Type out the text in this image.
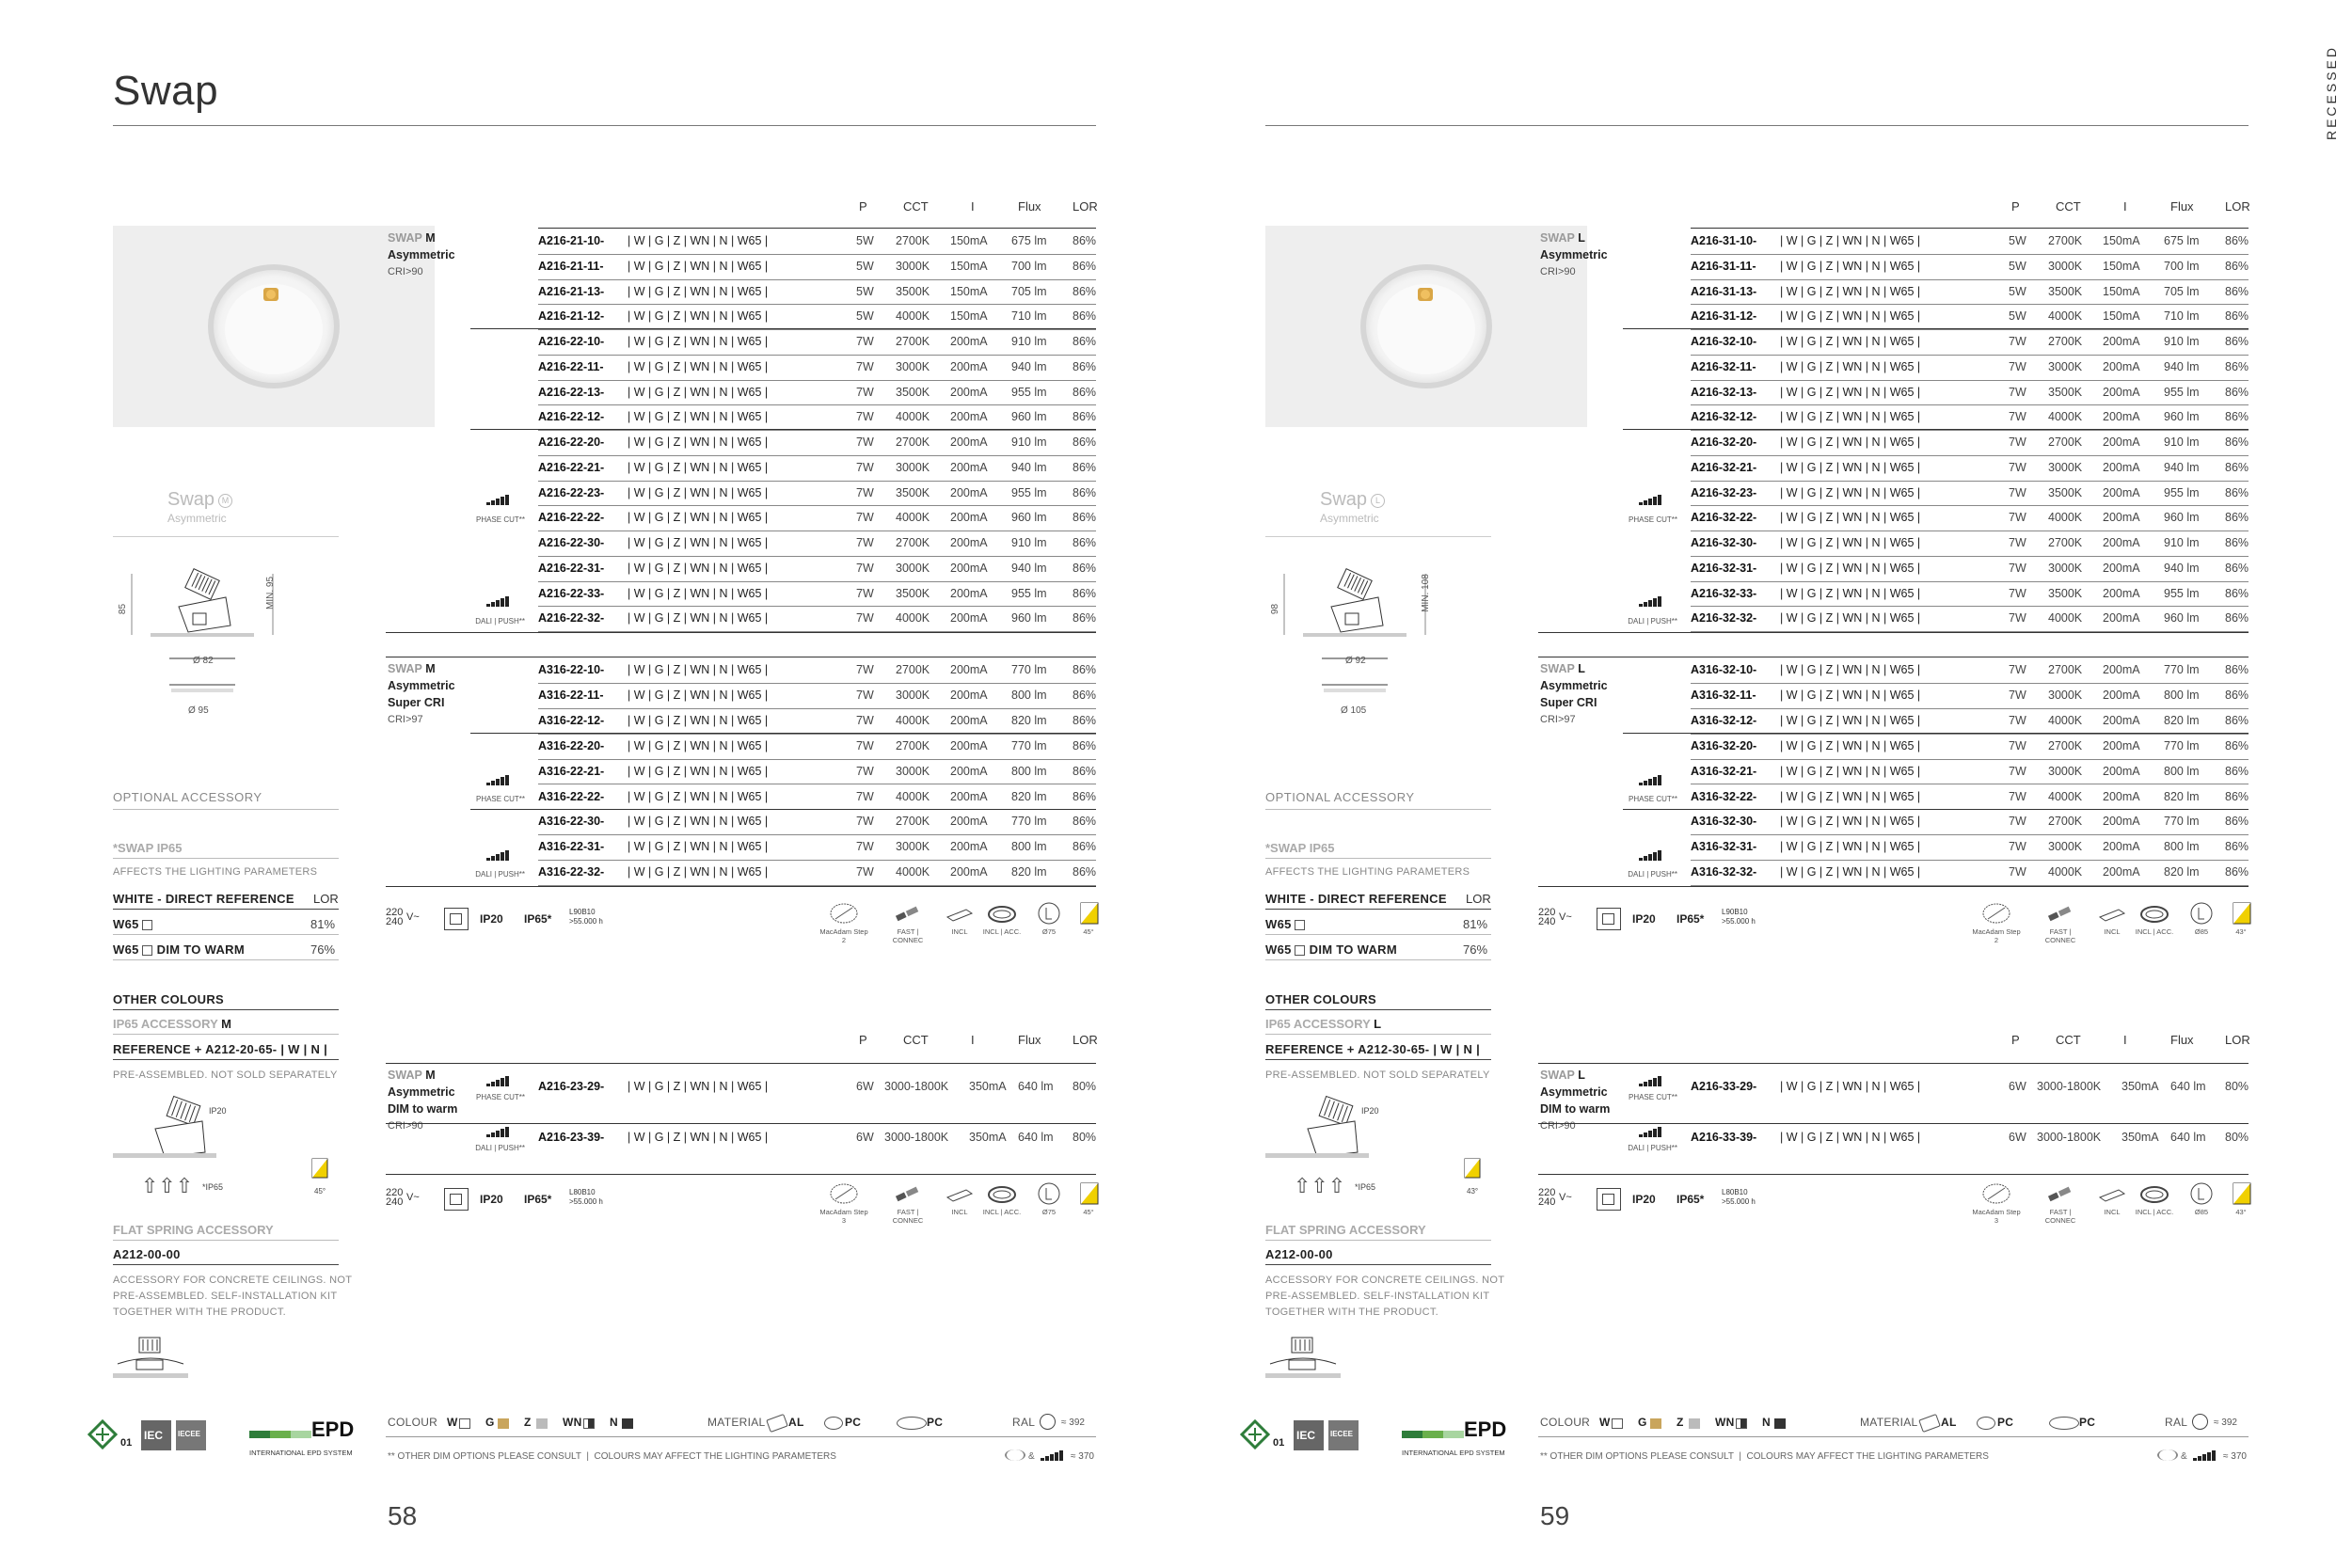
Swap M
Asymmetric
85	MIN. 95
Ø 82
Ø 95
OPTIONAL ACCESSORY
*SWAP IP65
AFFECTS THE LIGHTING PARAMETERS
WHITE - DIRECT REFERENCE LOR
W65	81%
W65 DIM TO WARM	76%
OTHER COLOURS
IP65 ACCESSORY M
REFERENCE + A212-20-65- | W | N |
PRE-ASSEMBLED. NOT SOLD SEPARATELY
⇧⇧⇧
IP20
*IP65	45°
FLAT SPRING ACCESSORY
A212-00-00
ACCESSORY FOR CONCRETE CEILINGS. NOT
PRE-ASSEMBLED. SELF-INSTALLATION KIT
TOGETHER WITH THE PRODUCT.
P	CCT	I	Flux	LOR
SWAP M
Asymmetric
CRI>90
A216-21-10- | W | G | Z | WN | N | W65 |	5W 2700K 150mA 675 lm 86%
A216-21-11- | W | G | Z | WN | N | W65 |	5W 3000K 150mA 700 lm 86%
A216-21-13- | W | G | Z | WN | N | W65 |	5W 3500K 150mA 705 lm 86%
A216-21-12- | W | G | Z | WN | N | W65 |	5W 4000K 150mA 710 lm 86%
A216-22-10- | W | G | Z | WN | N | W65 |	7W 2700K 200mA 910 lm 86%
A216-22-11- | W | G | Z | WN | N | W65 |	7W 3000K 200mA 940 lm 86%
A216-22-13- | W | G | Z | WN | N | W65 |	7W 3500K 200mA 955 lm 86%
A216-22-12- | W | G | Z | WN | N | W65 |	7W 4000K 200mA 960 lm 86%
A216-22-20- | W | G | Z | WN | N | W65 |	7W 2700K 200mA 910 lm 86%
A216-22-21- | W | G | Z | WN | N | W65 |	7W 3000K 200mA 940 lm 86%
A216-22-23- | W | G | Z | WN | N | W65 |	7W 3500K 200mA 955 lm 86%
A216-22-22- | W | G | Z | WN | N | W65 |	7W 4000K 200mA 960 lm 86%
A216-22-30- | W | G | Z | WN | N | W65 |	7W 2700K 200mA 910 lm 86%
A216-22-31- | W | G | Z | WN | N | W65 |	7W 3000K 200mA 940 lm 86%
A216-22-33- | W | G | Z | WN | N | W65 |	7W 3500K 200mA 955 lm 86%
A216-22-32- | W | G | Z | WN | N | W65 |	7W 4000K 200mA 960 lm 86%
PHASE CUT**
DALI | PUSH**
SWAP M
Asymmetric
Super CRI
CRI>97
A316-22-10- | W | G | Z | WN | N | W65 |	7W 2700K 200mA 770 lm 86%
A316-22-11- | W | G | Z | WN | N | W65 |	7W 3000K 200mA 800 lm 86%
A316-22-12- | W | G | Z | WN | N | W65 |	7W 4000K 200mA 820 lm 86%
A316-22-20- | W | G | Z | WN | N | W65 |	7W 2700K 200mA 770 lm 86%
A316-22-21- | W | G | Z | WN | N | W65 |	7W 3000K 200mA 800 lm 86%
A316-22-22- | W | G | Z | WN | N | W65 |	7W 4000K 200mA 820 lm 86%
A316-22-30- | W | G | Z | WN | N | W65 |	7W 2700K 200mA 770 lm 86%
A316-22-31- | W | G | Z | WN | N | W65 |	7W 3000K 200mA 800 lm 86%
A316-22-32- | W | G | Z | WN | N | W65 |	7W 4000K 200mA 820 lm 86%
PHASE CUT**
DALI | PUSH**
220 240 V~	IP20 IP65*
L90B10
>55.000 h
MacAdam Step 2
FAST | CONNEC
INCL	INCL | ACC.	Ø75	45°
P	CCT	I	Flux	LOR
SWAP M
Asymmetric
DIM to warm
CRI>90
A216-23-29- | W | G | Z | WN | N | W65 |	6W 3000-1800K 350mA 640 lm 80%
PHASE CUT**
A216-23-39- | W | G | Z | WN | N | W65 |	6W 3000-1800K 350mA 640 lm 80%
DALI | PUSH**
220 240 V~	IP20 IP65*
L80B10
>55.000 h
MacAdam Step 3
FAST | CONNEC
INCL	INCL | ACC.	Ø75	45°
01
IEC IECEE	EPD
INTERNATIONAL EPD SYSTEM
COLOUR W G	Z	WN N	MATERIAL AL	PC	PC	RAL	≈ 392
** OTHER DIM OPTIONS PLEASE CONSULT  |  COLOURS MAY AFFECT THE LIGHTING PARAMETERS	&	≈ 370
Swap L
Asymmetric
98	MIN. 108
Ø 92
Ø 105
OPTIONAL ACCESSORY
*SWAP IP65
AFFECTS THE LIGHTING PARAMETERS
WHITE - DIRECT REFERENCE LOR
W65	81%
W65 DIM TO WARM	76%
OTHER COLOURS
IP65 ACCESSORY L
REFERENCE + A212-30-65- | W | N |
PRE-ASSEMBLED. NOT SOLD SEPARATELY
⇧⇧⇧
IP20
*IP65	43°
FLAT SPRING ACCESSORY
A212-00-00
ACCESSORY FOR CONCRETE CEILINGS. NOT
PRE-ASSEMBLED. SELF-INSTALLATION KIT
TOGETHER WITH THE PRODUCT.
P	CCT	I	Flux	LOR
SWAP L
Asymmetric
CRI>90
A216-31-10- | W | G | Z | WN | N | W65 |	5W 2700K 150mA 675 lm 86%
A216-31-11- | W | G | Z | WN | N | W65 |	5W 3000K 150mA 700 lm 86%
A216-31-13- | W | G | Z | WN | N | W65 |	5W 3500K 150mA 705 lm 86%
A216-31-12- | W | G | Z | WN | N | W65 |	5W 4000K 150mA 710 lm 86%
A216-32-10- | W | G | Z | WN | N | W65 |	7W 2700K 200mA 910 lm 86%
A216-32-11- | W | G | Z | WN | N | W65 |	7W 3000K 200mA 940 lm 86%
A216-32-13- | W | G | Z | WN | N | W65 |	7W 3500K 200mA 955 lm 86%
A216-32-12- | W | G | Z | WN | N | W65 |	7W 4000K 200mA 960 lm 86%
A216-32-20- | W | G | Z | WN | N | W65 |	7W 2700K 200mA 910 lm 86%
A216-32-21- | W | G | Z | WN | N | W65 |	7W 3000K 200mA 940 lm 86%
A216-32-23- | W | G | Z | WN | N | W65 |	7W 3500K 200mA 955 lm 86%
A216-32-22- | W | G | Z | WN | N | W65 |	7W 4000K 200mA 960 lm 86%
A216-32-30- | W | G | Z | WN | N | W65 |	7W 2700K 200mA 910 lm 86%
A216-32-31- | W | G | Z | WN | N | W65 |	7W 3000K 200mA 940 lm 86%
A216-32-33- | W | G | Z | WN | N | W65 |	7W 3500K 200mA 955 lm 86%
A216-32-32- | W | G | Z | WN | N | W65 |	7W 4000K 200mA 960 lm 86%
PHASE CUT**
DALI | PUSH**
SWAP L
Asymmetric
Super CRI
CRI>97
A316-32-10- | W | G | Z | WN | N | W65 |	7W 2700K 200mA 770 lm 86%
A316-32-11- | W | G | Z | WN | N | W65 |	7W 3000K 200mA 800 lm 86%
A316-32-12- | W | G | Z | WN | N | W65 |	7W 4000K 200mA 820 lm 86%
A316-32-20- | W | G | Z | WN | N | W65 |	7W 2700K 200mA 770 lm 86%
A316-32-21- | W | G | Z | WN | N | W65 |	7W 3000K 200mA 800 lm 86%
A316-32-22- | W | G | Z | WN | N | W65 |	7W 4000K 200mA 820 lm 86%
A316-32-30- | W | G | Z | WN | N | W65 |	7W 2700K 200mA 770 lm 86%
A316-32-31- | W | G | Z | WN | N | W65 |	7W 3000K 200mA 800 lm 86%
A316-32-32- | W | G | Z | WN | N | W65 |	7W 4000K 200mA 820 lm 86%
PHASE CUT**
DALI | PUSH**
220 240 V~	IP20 IP65*
L90B10
>55.000 h
MacAdam Step 2
FAST | CONNEC
INCL	INCL | ACC.	Ø85	43°
P	CCT	I	Flux	LOR
SWAP L
Asymmetric
DIM to warm
CRI>90
A216-33-29- | W | G | Z | WN | N | W65 |	6W 3000-1800K 350mA 640 lm 80%
PHASE CUT**
A216-33-39- | W | G | Z | WN | N | W65 |	6W 3000-1800K 350mA 640 lm 80%
DALI | PUSH**
220 240 V~	IP20 IP65*
L80B10
>55.000 h
MacAdam Step 3
FAST | CONNEC
INCL	INCL | ACC.	Ø85	43°
01
IEC IECEE	EPD
INTERNATIONAL EPD SYSTEM
COLOUR W G	Z	WN N	MATERIAL AL	PC	PC	RAL	≈ 392
** OTHER DIM OPTIONS PLEASE CONSULT  |  COLOURS MAY AFFECT THE LIGHTING PARAMETERS	&	≈ 370
Swap	RECESSED
58	59
